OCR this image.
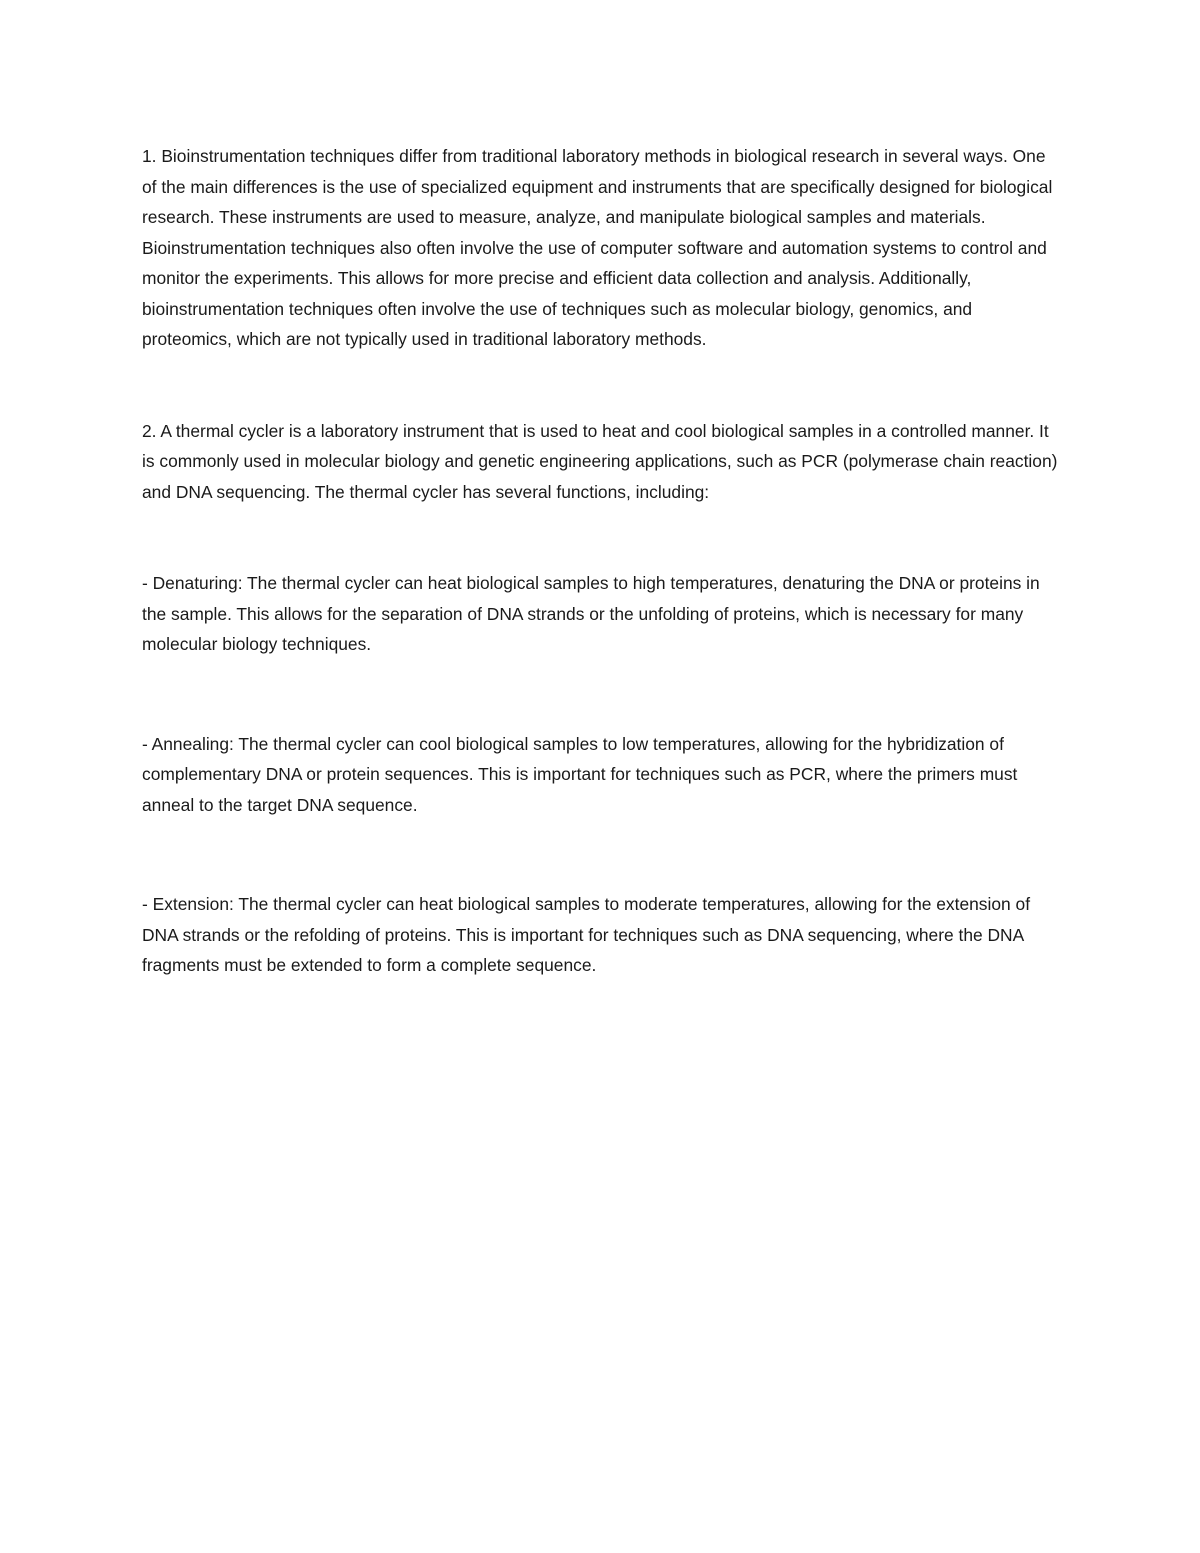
1. Bioinstrumentation techniques differ from traditional laboratory methods in biological research in several ways. One of the main differences is the use of specialized equipment and instruments that are specifically designed for biological research. These instruments are used to measure, analyze, and manipulate biological samples and materials. Bioinstrumentation techniques also often involve the use of computer software and automation systems to control and monitor the experiments. This allows for more precise and efficient data collection and analysis. Additionally, bioinstrumentation techniques often involve the use of techniques such as molecular biology, genomics, and proteomics, which are not typically used in traditional laboratory methods.

2. A thermal cycler is a laboratory instrument that is used to heat and cool biological samples in a controlled manner. It is commonly used in molecular biology and genetic engineering applications, such as PCR (polymerase chain reaction) and DNA sequencing. The thermal cycler has several functions, including:

- Denaturing: The thermal cycler can heat biological samples to high temperatures, denaturing the DNA or proteins in the sample. This allows for the separation of DNA strands or the unfolding of proteins, which is necessary for many molecular biology techniques.

- Annealing: The thermal cycler can cool biological samples to low temperatures, allowing for the hybridization of complementary DNA or protein sequences. This is important for techniques such as PCR, where the primers must anneal to the target DNA sequence.

- Extension: The thermal cycler can heat biological samples to moderate temperatures, allowing for the extension of DNA strands or the refolding of proteins. This is important for techniques such as DNA sequencing, where the DNA fragments must be extended to form a complete sequence.
